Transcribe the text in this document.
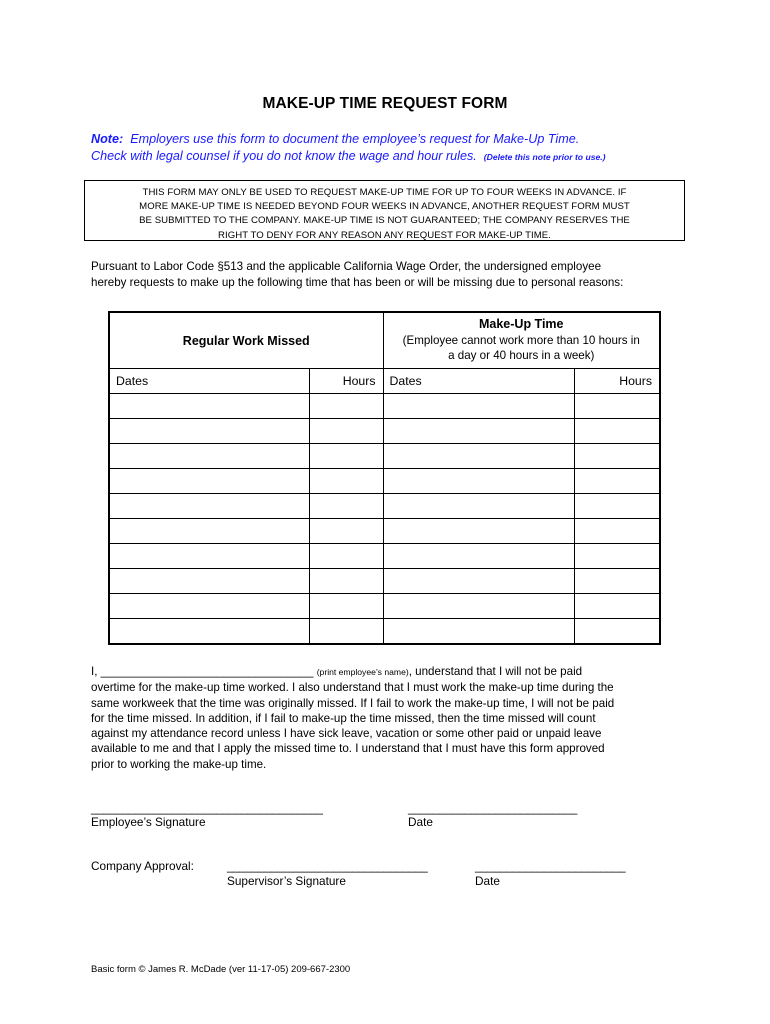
MAKE-UP TIME REQUEST FORM
Note: Employers use this form to document the employee’s request for Make-Up Time.
Check with legal counsel if you do not know the wage and hour rules. (Delete this note prior to use.)
THIS FORM MAY ONLY BE USED TO REQUEST MAKE-UP TIME FOR UP TO FOUR WEEKS IN ADVANCE. IF
MORE MAKE-UP TIME IS NEEDED BEYOND FOUR WEEKS IN ADVANCE, ANOTHER REQUEST FORM MUST
BE SUBMITTED TO THE COMPANY. MAKE-UP TIME IS NOT GUARANTEED; THE COMPANY RESERVES THE
RIGHT TO DENY FOR ANY REASON ANY REQUEST FOR MAKE-UP TIME.
Pursuant to Labor Code §513 and the applicable California Wage Order, the undersigned employee
hereby requests to make up the following time that has been or will be missing due to personal reasons:
Regular Work Missed		Make-Up Time
(Employee cannot work more than 10 hours in
a day or 40 hours in a week)	
Dates	Hours	Dates	Hours

I, _________________________________ (print employee’s name), understand that I will not be paid
overtime for the make-up time worked. I also understand that I must work the make-up time during the
same workweek that the time was originally missed. If I fail to work the make-up time, I will not be paid
for the time missed. In addition, if I fail to make-up the time missed, then the time missed will count
against my attendance record unless I have sick leave, vacation or some other paid or unpaid leave
available to me and that I apply the missed time to. I understand that I must have this form approved
prior to working the make-up time.
_____________________________________
Employee’s Signature
___________________________
Date
Company Approval:	________________________________
Supervisor’s Signature
________________________
Date
Basic form © James R. McDade (ver 11-17-05) 209-667-2300
